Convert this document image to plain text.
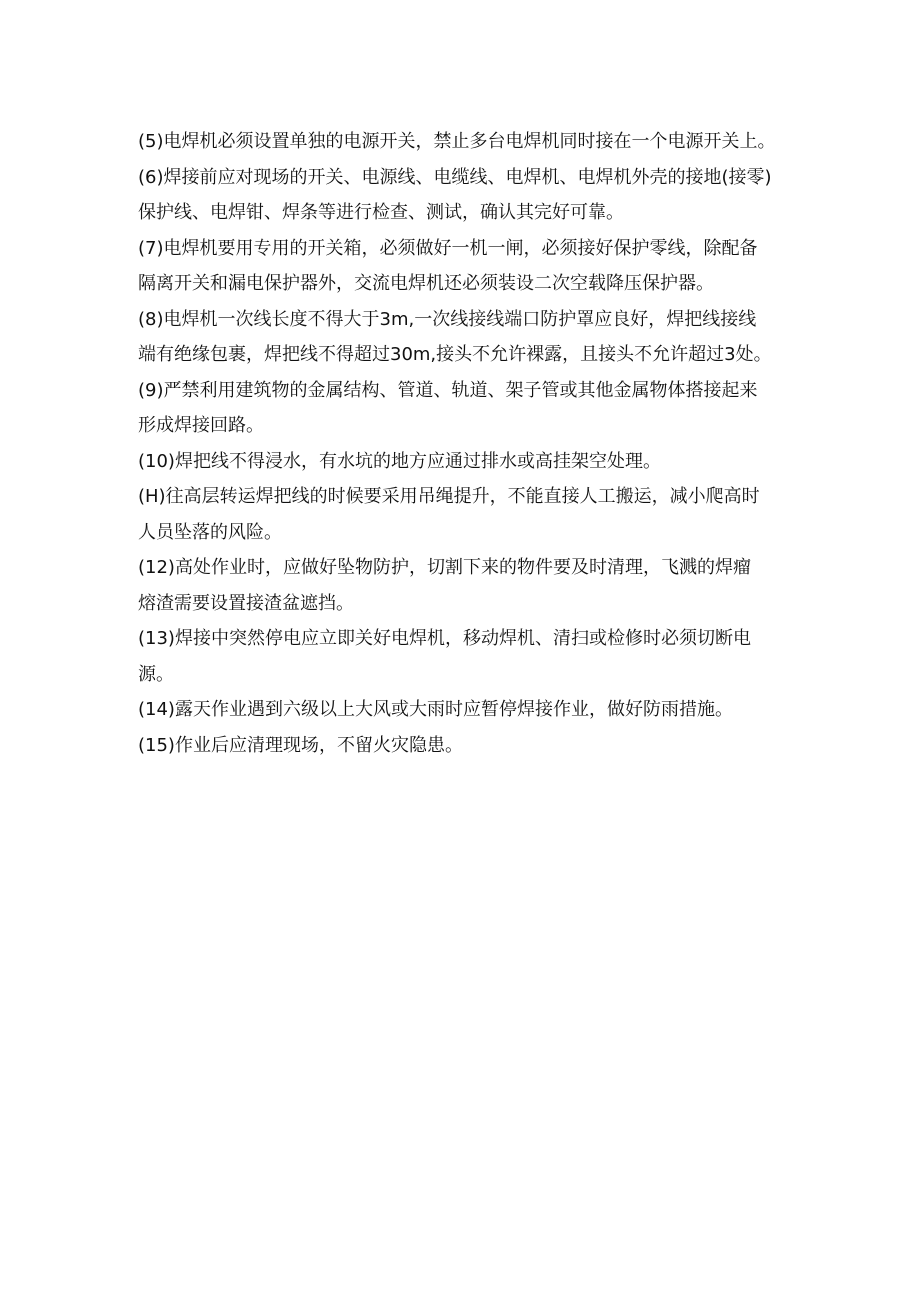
(5)电焊机必须设置单独的电源开关，禁止多台电焊机同时接在一个电源开关上。

(6)焊接前应对现场的开关、电源线、电缆线、电焊机、电焊机外壳的接地(接零)
保护线、电焊钳、焊条等进行检查、测试，确认其完好可靠。

(7)电焊机要用专用的开关箱，必须做好一机一闸，必须接好保护零线，除配备
隔离开关和漏电保护器外，交流电焊机还必须装设二次空载降压保护器。

(8)电焊机一次线长度不得大于3m,一次线接线端口防护罩应良好，焊把线接线
端有绝缘包裹，焊把线不得超过30m,接头不允许裸露，且接头不允许超过3处。

(9)严禁利用建筑物的金属结构、管道、轨道、架子管或其他金属物体搭接起来
形成焊接回路。

(10)焊把线不得浸水，有水坑的地方应通过排水或高挂架空处理。

(H)往高层转运焊把线的时候要采用吊绳提升，不能直接人工搬运，减小爬高时
人员坠落的风险。

(12)高处作业时，应做好坠物防护，切割下来的物件要及时清理，飞溅的焊瘤
熔渣需要设置接渣盆遮挡。

(13)焊接中突然停电应立即关好电焊机，移动焊机、清扫或检修时必须切断电
源。

(14)露天作业遇到六级以上大风或大雨时应暂停焊接作业，做好防雨措施。

(15)作业后应清理现场，不留火灾隐患。
